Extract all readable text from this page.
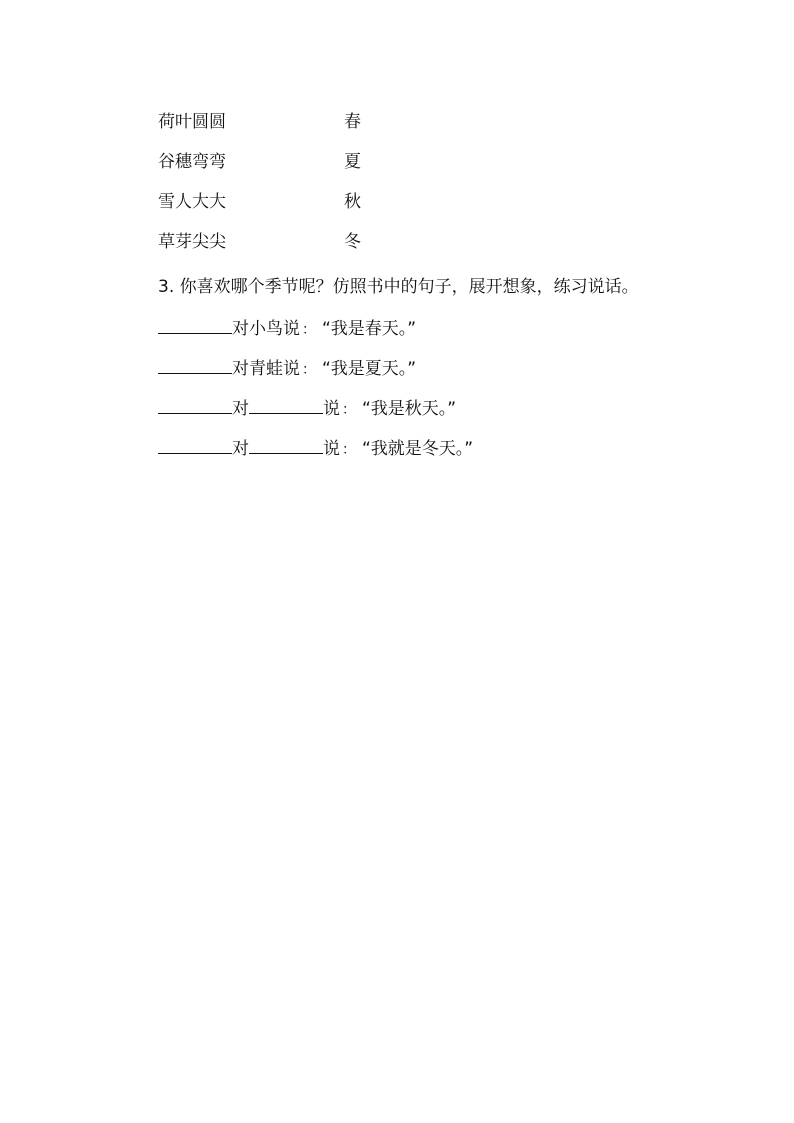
荷叶圆圆	春
谷穗弯弯	夏
雪人大大	秋
草芽尖尖	冬
3. 你喜欢哪个季节呢？仿照书中的句子，展开想象，练习说话。
对小鸟说 ： “我是春天。”
对青蛙说 ： “我是夏天。”
对	说 ： “我是秋天。”
对	说 ： “我就是冬天。”
